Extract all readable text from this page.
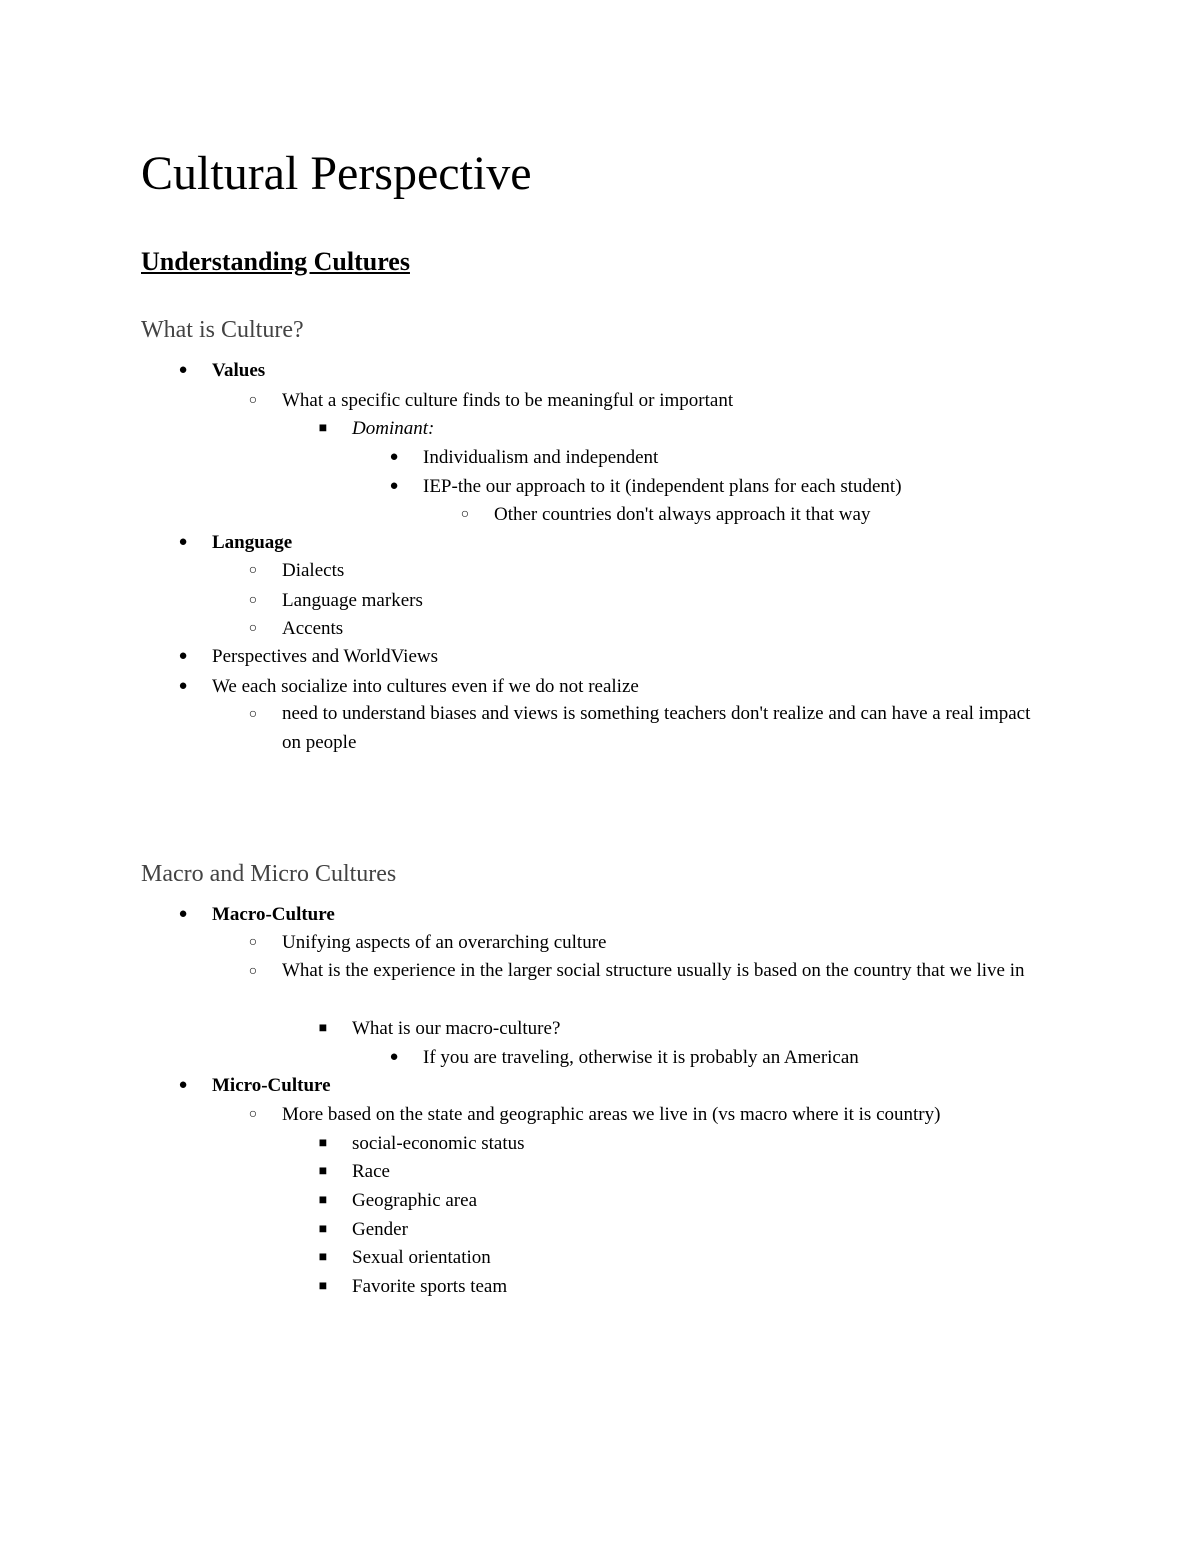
Cultural Perspective
Understanding Cultures
What is Culture?
● Values
○ What a specific culture finds to be meaningful or important
■ Dominant:
● Individualism and independent
● IEP-the our approach to it (independent plans for each student)
○ Other countries don't always approach it that way
● Language
○ Dialects
○ Language markers
○ Accents
● Perspectives and WorldViews
● We each socialize into cultures even if we do not realize
○ need to understand biases and views is something teachers don't realize and can have a real impact on people
Macro and Micro Cultures
● Macro-Culture
○ Unifying aspects of an overarching culture
○ What is the experience in the larger social structure usually is based on the country that we live in
■ What is our macro-culture?
● If you are traveling, otherwise it is probably an American
● Micro-Culture
○ More based on the state and geographic areas we live in (vs macro where it is country)
■ social-economic status
■ Race
■ Geographic area
■ Gender
■ Sexual orientation
■ Favorite sports team
